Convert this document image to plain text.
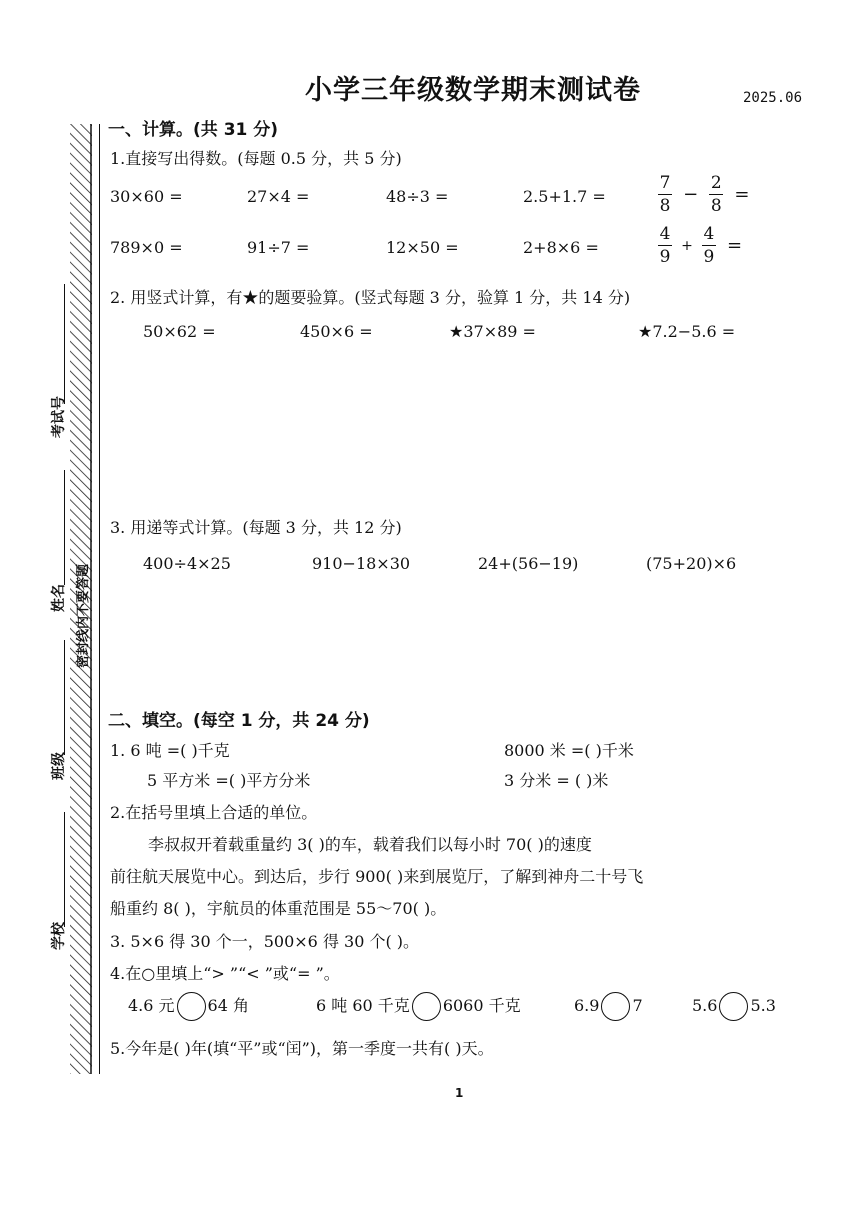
考试号
姓名 密封线内不要答题
班级
学校
小学三年级数学期末测试卷	2025.06
一、计算。(共 31 分)
1.直接写出得数。(每题 0.5 分，共 5 分)
30×60 =	27×4 =	48÷3 =	2.5+1.7 =	$\frac{7}{8} - \frac{2}{8}$ =
789×0 =	91÷7 =	12×50 =	2+8×6 =	$\frac{4}{9} + \frac{4}{9}$ =
2. 用竖式计算，有★的题要验算。(竖式每题 3 分，验算 1 分，共 14 分)
50×62 =	450×6 =	★37×89 =	★7.2−5.6 =
3. 用递等式计算。(每题 3 分，共 12 分)
400÷4×25	910−18×30	24+(56−19)	(75+20)×6
二、填空。(每空 1 分，共 24 分)
1. 6 吨 =( )千克	8000 米 =( )千米
5 平方米 =( )平方分米	3 分米 = ( )米
2.在括号里填上合适的单位。
李叔叔开着载重量约 3( )的车，载着我们以每小时 70( )的速度
前往航天展览中心。到达后，步行 900( )来到展览厅，了解到神舟二十号飞
船重约 8( )，宇航员的体重范围是 55～70( )。
3. 5×6 得 30 个一，500×6 得 30 个( )。
4.在○里填上“> ”“< ”或“= ”。
4.6 元 64 角	6 吨 60 千克 6060 千克	6.9 7	5.6 5.3
5.今年是( )年(填“平”或“闰”)，第一季度一共有( )天。
1
